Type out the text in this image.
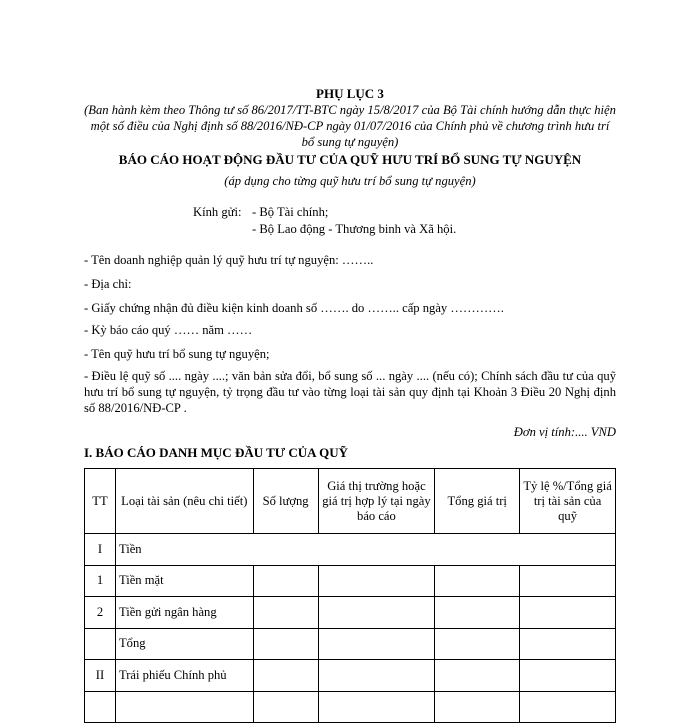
PHỤ LỤC 3
(Ban hành kèm theo Thông tư số 86/2017/TT-BTC ngày 15/8/2017 của Bộ Tài chính hướng dẫn thực hiện một số điều của Nghị định số 88/2016/NĐ-CP ngày 01/07/2016 của Chính phủ về chương trình hưu trí bổ sung tự nguyện)
BÁO CÁO HOẠT ĐỘNG ĐẦU TƯ CỦA QUỸ HƯU TRÍ BỔ SUNG TỰ NGUYỆN
(áp dụng cho từng quỹ hưu trí bổ sung tự nguyện)
Kính gửi: - Bộ Tài chính;
- Bộ Lao động - Thương binh và Xã hội.
- Tên doanh nghiệp quản lý quỹ hưu trí tự nguyện: ……..
- Địa chỉ:
- Giấy chứng nhận đủ điều kiện kinh doanh số ……. do …….. cấp ngày ………….
- Kỳ báo cáo quý …… năm ……
- Tên quỹ hưu trí bổ sung tự nguyện;
- Điều lệ quỹ số .... ngày ....; văn bản sửa đổi, bổ sung số ... ngày .... (nếu có); Chính sách đầu tư của quỹ hưu trí bổ sung tự nguyện, tỷ trọng đầu tư vào từng loại tài sản quy định tại Khoản 3 Điều 20 Nghị định số 88/2016/NĐ-CP .
Đơn vị tính:.... VND
I. BÁO CÁO DANH MỤC ĐẦU TƯ CỦA QUỸ
TT	Loại tài sản (nêu chi tiết)	Số lượng	Giá thị trường hoặc giá trị hợp lý tại ngày báo cáo	Tổng giá trị	Tỷ lệ %/Tổng giá trị tài sản của quỹ
I	Tiền				
1	Tiền mặt				
2	Tiền gửi ngân hàng				
	Tổng				
II	Trái phiếu Chính phủ				
